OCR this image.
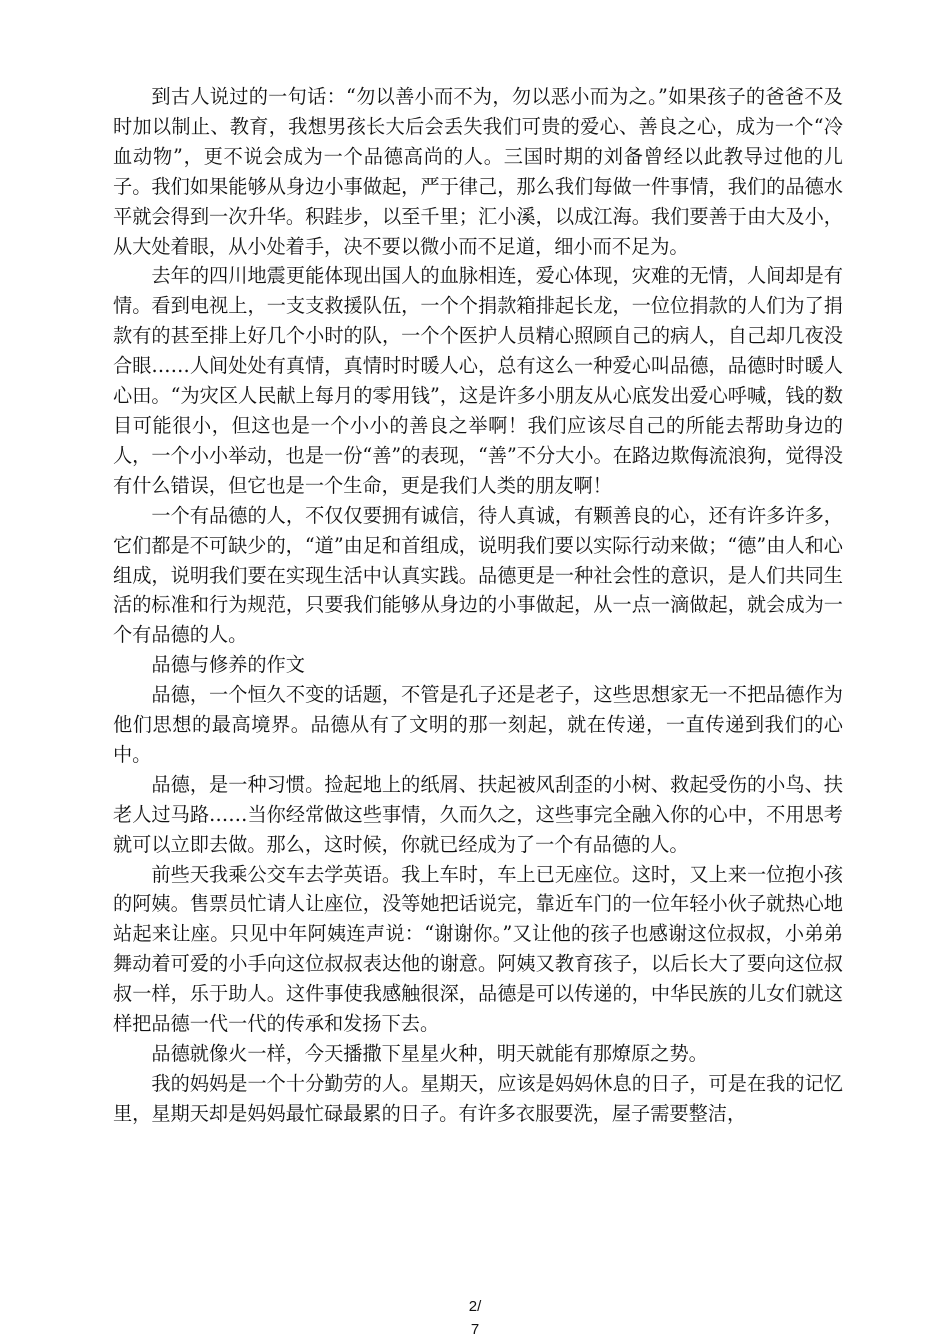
到古人说过的一句话：“勿以善小而不为，勿以恶小而为之。”如果孩子的爸爸不及时加以制止、教育，我想男孩长大后会丢失我们可贵的爱心、善良之心，成为一个“冷血动物”，更不说会成为一个品德高尚的人。三国时期的刘备曾经以此教导过他的儿子。我们如果能够从身边小事做起，严于律己，那么我们每做一件事情，我们的品德水平就会得到一次升华。积跬步，以至千里；汇小溪，以成江海。我们要善于由大及小，从大处着眼，从小处着手，决不要以微小而不足道，细小而不足为。

去年的四川地震更能体现出国人的血脉相连，爱心体现，灾难的无情，人间却是有情。看到电视上，一支支救援队伍，一个个捐款箱排起长龙，一位位捐款的人们为了捐款有的甚至排上好几个小时的队，一个个医护人员精心照顾自己的病人，自己却几夜没合眼……人间处处有真情，真情时时暖人心，总有这么一种爱心叫品德，品德时时暖人心田。“为灾区人民献上每月的零用钱”，这是许多小朋友从心底发出爱心呼喊，钱的数目可能很小，但这也是一个小小的善良之举啊！我们应该尽自己的所能去帮助身边的人，一个小小举动，也是一份“善”的表现，“善”不分大小。在路边欺侮流浪狗，觉得没有什么错误，但它也是一个生命，更是我们人类的朋友啊！

一个有品德的人，不仅仅要拥有诚信，待人真诚，有颗善良的心，还有许多许多，它们都是不可缺少的，“道”由足和首组成，说明我们要以实际行动来做；“德”由人和心组成，说明我们要在实现生活中认真实践。品德更是一种社会性的意识，是人们共同生活的标准和行为规范，只要我们能够从身边的小事做起，从一点一滴做起，就会成为一个有品德的人。

品德与修养的作文

品德，一个恒久不变的话题，不管是孔子还是老子，这些思想家无一不把品德作为他们思想的最高境界。品德从有了文明的那一刻起，就在传递，一直传递到我们的心中。

品德，是一种习惯。捡起地上的纸屑、扶起被风刮歪的小树、救起受伤的小鸟、扶老人过马路……当你经常做这些事情，久而久之，这些事完全融入你的心中，不用思考就可以立即去做。那么，这时候，你就已经成为了一个有品德的人。

前些天我乘公交车去学英语。我上车时，车上已无座位。这时，又上来一位抱小孩的阿姨。售票员忙请人让座位，没等她把话说完，靠近车门的一位年轻小伙子就热心地站起来让座。只见中年阿姨连声说：“谢谢你。”又让他的孩子也感谢这位叔叔，小弟弟舞动着可爱的小手向这位叔叔表达他的谢意。阿姨又教育孩子，以后长大了要向这位叔叔一样，乐于助人。这件事使我感触很深，品德是可以传递的，中华民族的儿女们就这样把品德一代一代的传承和发扬下去。

品德就像火一样，今天播撒下星星火种，明天就能有那燎原之势。

我的妈妈是一个十分勤劳的人。星期天，应该是妈妈休息的日子，可是在我的记忆里，星期天却是妈妈最忙碌最累的日子。有许多衣服要洗，屋子需要整洁，

2/
7
